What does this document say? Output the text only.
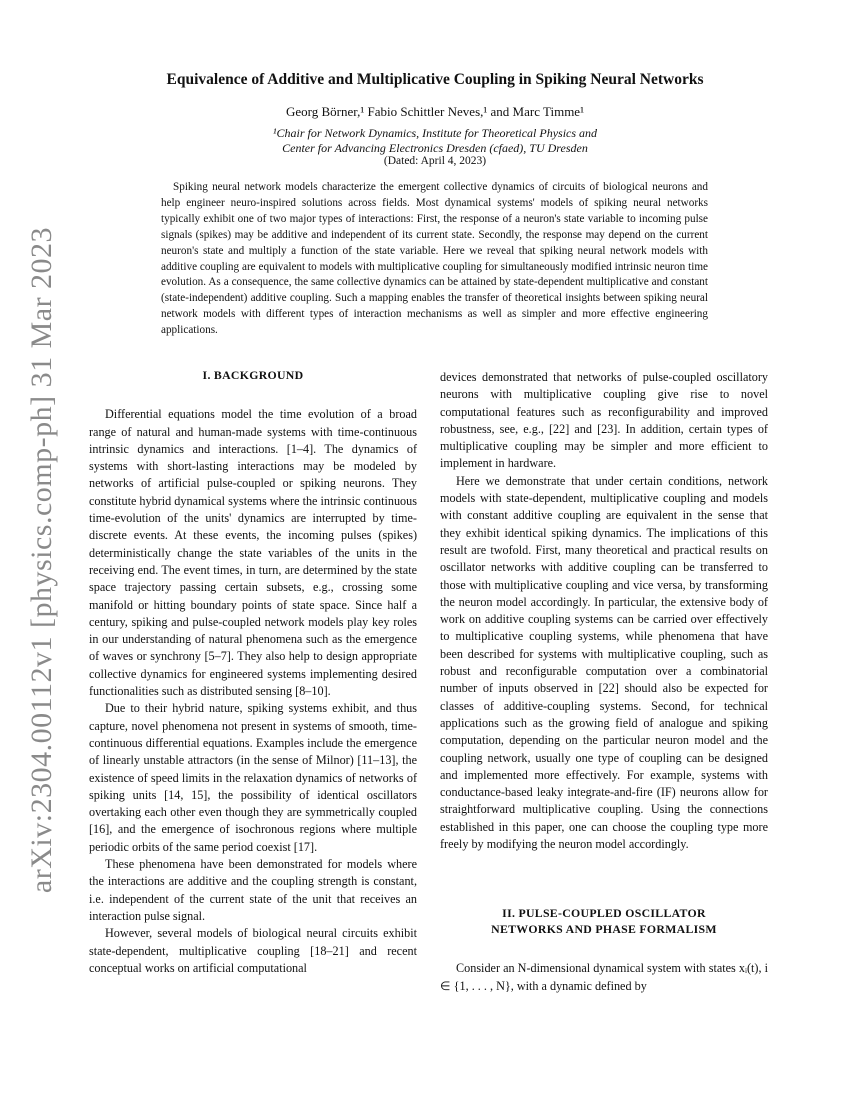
arXiv:2304.00112v1 [physics.comp-ph] 31 Mar 2023
Equivalence of Additive and Multiplicative Coupling in Spiking Neural Networks
Georg Börner,¹ Fabio Schittler Neves,¹ and Marc Timme¹
¹Chair for Network Dynamics, Institute for Theoretical Physics and
Center for Advancing Electronics Dresden (cfaed), TU Dresden
(Dated: April 4, 2023)
Spiking neural network models characterize the emergent collective dynamics of circuits of biological neurons and help engineer neuro-inspired solutions across fields. Most dynamical systems' models of spiking neural networks typically exhibit one of two major types of interactions: First, the response of a neuron's state variable to incoming pulse signals (spikes) may be additive and independent of its current state. Secondly, the response may depend on the current neuron's state and multiply a function of the state variable. Here we reveal that spiking neural network models with additive coupling are equivalent to models with multiplicative coupling for simultaneously modified intrinsic neuron time evolution. As a consequence, the same collective dynamics can be attained by state-dependent multiplicative and constant (state-independent) additive coupling. Such a mapping enables the transfer of theoretical insights between spiking neural network models with different types of interaction mechanisms as well as simpler and more effective engineering applications.
I. BACKGROUND

Differential equations model the time evolution of a broad range of natural and human-made systems with time-continuous intrinsic dynamics and interactions. [1–4]. The dynamics of systems with short-lasting interactions may be modeled by networks of artificial pulse-coupled or spiking neurons. They constitute hybrid dynamical systems where the intrinsic continuous time-evolution of the units' dynamics are interrupted by time-discrete events. At these events, the incoming pulses (spikes) deterministically change the state variables of the units in the receiving end. The event times, in turn, are determined by the state space trajectory passing certain subsets, e.g., crossing some manifold or hitting boundary points of state space. Since half a century, spiking and pulse-coupled network models play key roles in our understanding of natural phenomena such as the emergence of waves or synchrony [5–7]. They also help to design appropriate collective dynamics for engineered systems implementing desired functionalities such as distributed sensing [8–10].

Due to their hybrid nature, spiking systems exhibit, and thus capture, novel phenomena not present in systems of smooth, time-continuous differential equations. Examples include the emergence of linearly unstable attractors (in the sense of Milnor) [11–13], the existence of speed limits in the relaxation dynamics of networks of spiking units [14, 15], the possibility of identical oscillators overtaking each other even though they are symmetrically coupled [16], and the emergence of isochronous regions where multiple periodic orbits of the same period coexist [17].

These phenomena have been demonstrated for models where the interactions are additive and the coupling strength is constant, i.e. independent of the current state of the unit that receives an interaction pulse signal.

However, several models of biological neural circuits exhibit state-dependent, multiplicative coupling [18–21] and recent conceptual works on artificial computational

devices demonstrated that networks of pulse-coupled oscillatory neurons with multiplicative coupling give rise to novel computational features such as reconfigurability and improved robustness, see, e.g., [22] and [23]. In addition, certain types of multiplicative coupling may be simpler and more efficient to implement in hardware.

Here we demonstrate that under certain conditions, network models with state-dependent, multiplicative coupling and models with constant additive coupling are equivalent in the sense that they exhibit identical spiking dynamics. The implications of this result are twofold. First, many theoretical and practical results on oscillator networks with additive coupling can be transferred to those with multiplicative coupling and vice versa, by transforming the neuron model accordingly. In particular, the extensive body of work on additive coupling systems can be carried over effectively to multiplicative coupling systems, while phenomena that have been described for systems with multiplicative coupling, such as robust and reconfigurable computation over a combinatorial number of inputs observed in [22] should also be expected for classes of additive-coupling systems. Second, for technical applications such as the growing field of analogue and spiking computation, depending on the particular neuron model and the coupling network, usually one type of coupling can be designed and implemented more effectively. For example, systems with conductance-based leaky integrate-and-fire (IF) neurons allow for straightforward multiplicative coupling. Using the connections established in this paper, one can choose the coupling type more freely by modifying the neuron model accordingly.

II. PULSE-COUPLED OSCILLATOR
NETWORKS AND PHASE FORMALISM

Consider an N-dimensional dynamical system with states xᵢ(t), i ∈ {1, . . . , N}, with a dynamic defined by
